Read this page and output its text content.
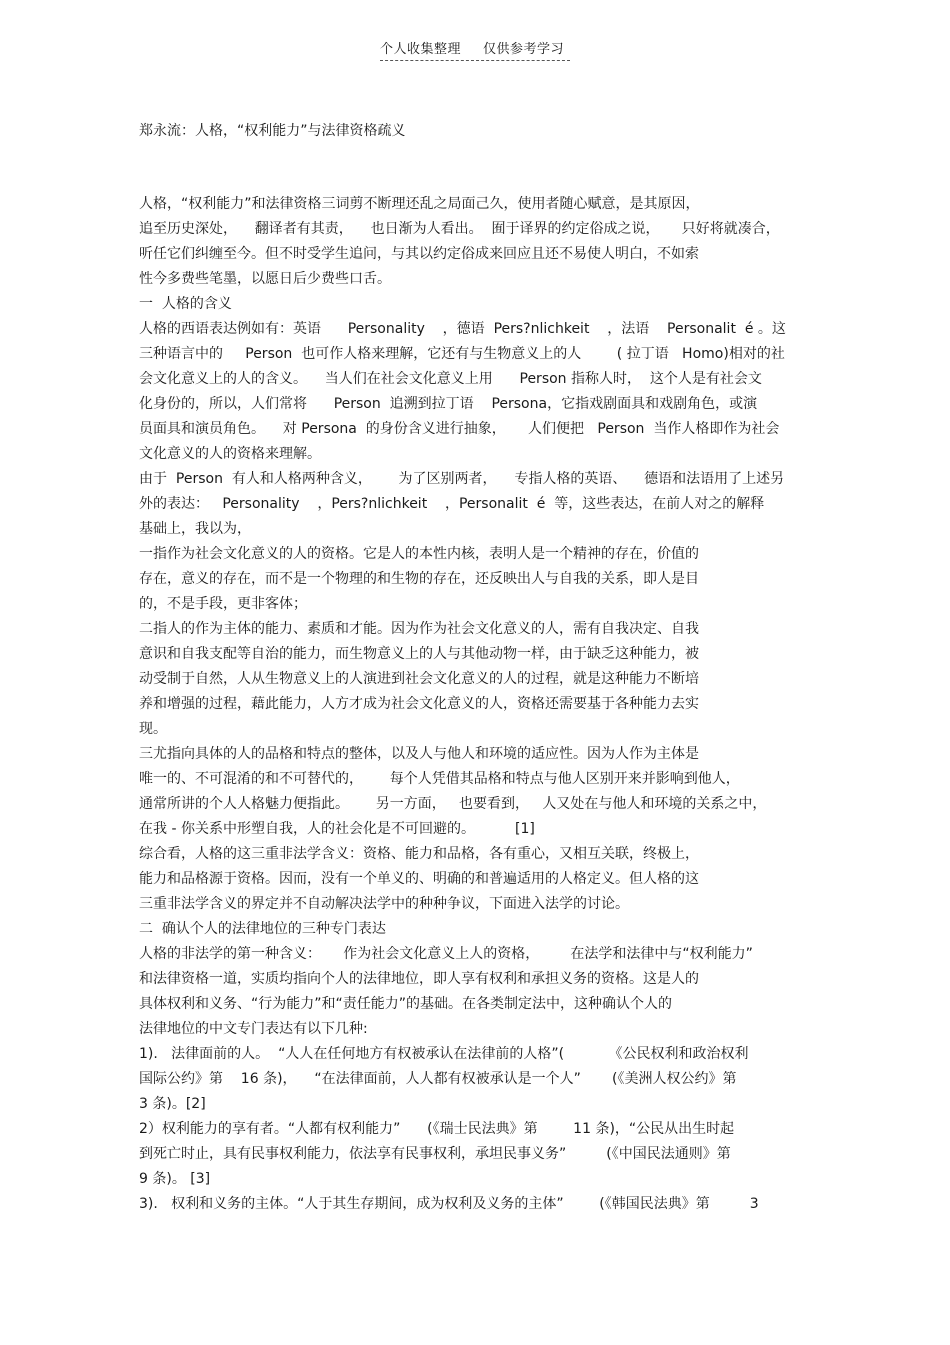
个人收集整理 仅供参考学习
郑永流：人格，“权利能力”与法律资格疏义
人格，“权利能力”和法律资格三词剪不断理还乱之局面己久，使用者随心赋意，是其原因，
追至历史深处，    翻译者有其责，    也日渐为人看出。  囿于译界的约定俗成之说，     只好将就凑合，
听任它们纠缠至今。但不时受学生追问，与其以约定俗成来回应且还不易使人明白，不如索
性今多费些笔墨，以愿日后少费些口舌。
一  人格的含义
人格的西语表达例如有：英语      Personality    ，德语  Pers?nlichkeit    ，法语    Personalit  é 。这
三种语言中的     Person  也可作人格来理解，它还有与生物意义上的人        ( 拉丁语   Homo)相对的社
会文化意义上的人的含义。    当人们在社会文化意义上用      Person 指称人时，  这个人是有社会文
化身份的，所以，人们常将      Person  追溯到拉丁语    Persona，它指戏剧面具和戏剧角色，或演
员面具和演员角色。    对 Persona  的身份含义进行抽象，     人们便把   Person  当作人格即作为社会
文化意义的人的资格来理解。
由于  Person  有人和人格两种含义，      为了区别两者，    专指人格的英语、    德语和法语用了上述另
外的表达：   Personality    ，Pers?nlichkeit    ，Personalit  é  等，这些表达，在前人对之的解释
基础上，我以为，
一指作为社会文化意义的人的资格。它是人的本性内核，表明人是一个精神的存在，价值的
存在，意义的存在，而不是一个物理的和生物的存在，还反映出人与自我的关系，即人是目
的，不是手段，更非客体；
二指人的作为主体的能力、素质和才能。因为作为社会文化意义的人，需有自我决定、自我
意识和自我支配等自治的能力，而生物意义上的人与其他动物一样，由于缺乏这种能力，被
动受制于自然，人从生物意义上的人演进到社会文化意义的人的过程，就是这种能力不断培
养和增强的过程，藉此能力，人方才成为社会文化意义的人，资格还需要基于各种能力去实
现。
三尤指向具体的人的品格和特点的整体，以及人与他人和环境的适应性。因为人作为主体是
唯一的、不可混淆的和不可替代的，      每个人凭借其品格和特点与他人区别开来并影响到他人，
通常所讲的个人人格魅力便指此。      另一方面，   也要看到，   人又处在与他人和环境的关系之中，
在我 - 你关系中形塑自我，人的社会化是不可回避的。         [1]
综合看，人格的这三重非法学含义：资格、能力和品格，各有重心，又相互关联，终极上，
能力和品格源于资格。因而，没有一个单义的、明确的和普遍适用的人格定义。但人格的这
三重非法学含义的界定并不自动解决法学中的种种争议，下面进入法学的讨论。
二  确认个人的法律地位的三种专门表达
人格的非法学的第一种含义：     作为社会文化意义上人的资格，       在法学和法律中与“权利能力”
和法律资格一道，实质均指向个人的法律地位，即人享有权利和承担义务的资格。这是人的
具体权利和义务、“行为能力”和“责任能力”的基础。在各类制定法中，这种确认个人的
法律地位的中文专门表达有以下几种:
1).   法律面前的人。  “人人在任何地方有权被承认在法律前的人格”(          《公民权利和政治权利
国际公约》第    16 条)，    “在法律面前，人人都有权被承认是一个人”       (《美洲人权公约》第
3 条)。[2]
2）权利能力的享有者。“人都有权利能力”      (《瑞士民法典》第        11 条)，“公民从出生时起
到死亡时止，具有民事权利能力，依法享有民事权利，承坦民事义务”         (《中国民法通则》第
9 条)。 [3]
3).   权利和义务的主体。“人于其生存期间，成为权利及义务的主体”        (《韩国民法典》第         3
